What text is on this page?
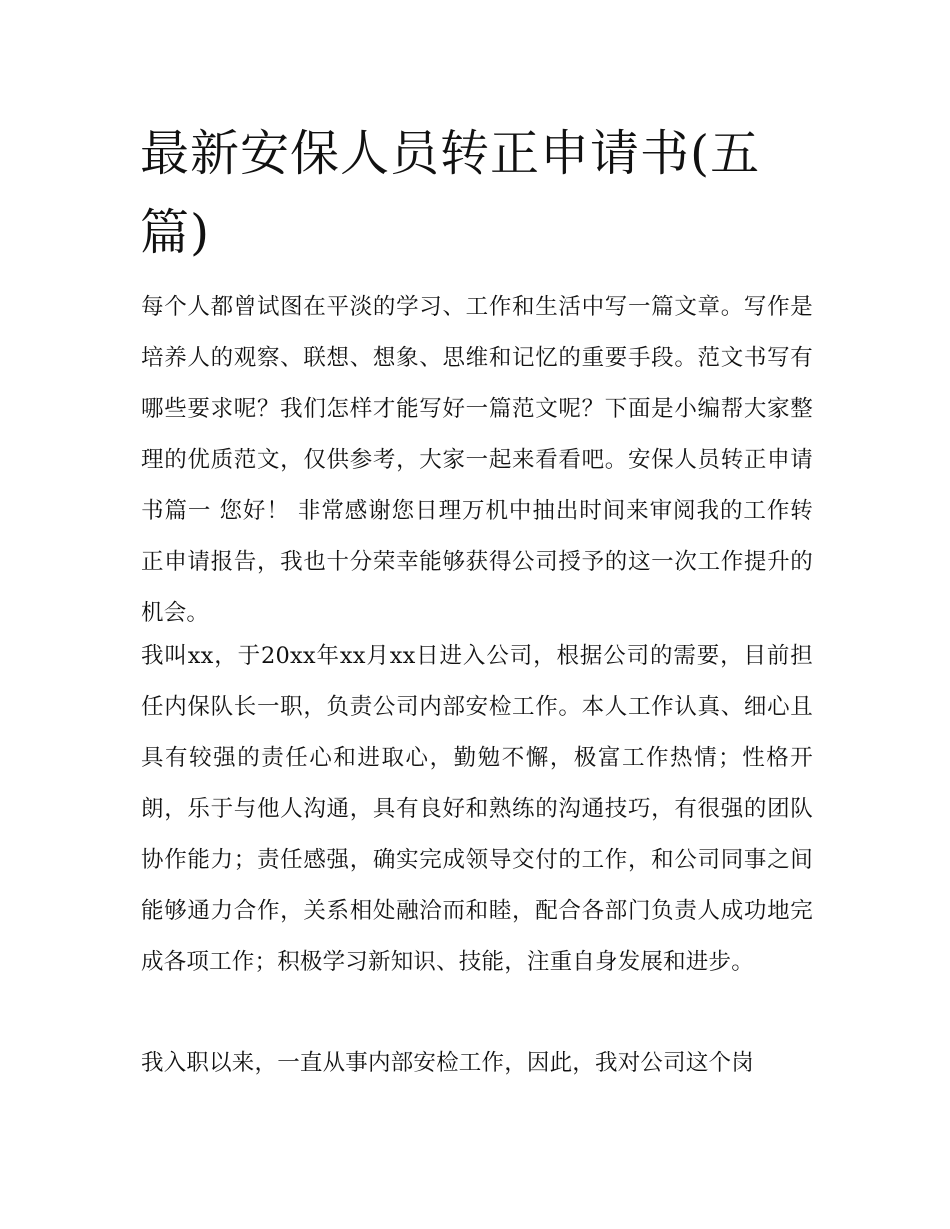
最新安保人员转正申请书(五篇)

每个人都曾试图在平淡的学习、工作和生活中写一篇文章。写作是培养人的观察、联想、想象、思维和记忆的重要手段。范文书写有哪些要求呢？我们怎样才能写好一篇范文呢？下面是小编帮大家整理的优质范文，仅供参考，大家一起来看看吧。安保人员转正申请书篇一 您好！ 非常感谢您日理万机中抽出时间来审阅我的工作转正申请报告，我也十分荣幸能够获得公司授予的这一次工作提升的机会。

我叫xx，于20xx年xx月xx日进入公司，根据公司的需要，目前担任内保队长一职，负责公司内部安检工作。本人工作认真、细心且具有较强的责任心和进取心，勤勉不懈，极富工作热情；性格开朗，乐于与他人沟通，具有良好和熟练的沟通技巧，有很强的团队协作能力；责任感强，确实完成领导交付的工作，和公司同事之间能够通力合作，关系相处融洽而和睦，配合各部门负责人成功地完成各项工作；积极学习新知识、技能，注重自身发展和进步。

我入职以来，一直从事内部安检工作，因此，我对公司这个岗
